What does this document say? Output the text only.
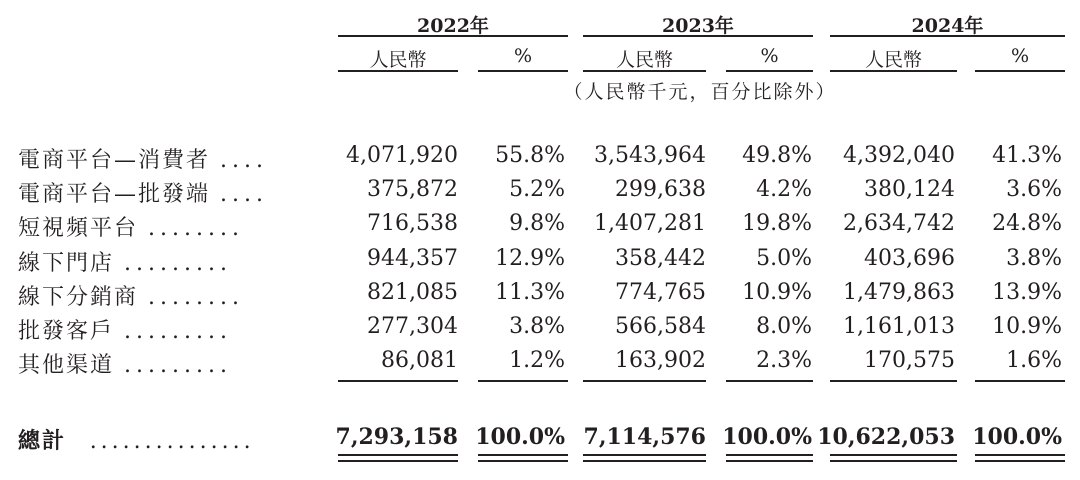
2022年	2023年	2024年
人民幣	%	人民幣	%	人民幣	%
（人民幣千元，百分比除外）
電商平台—消費者 ....	4,071,920 55.8% 3,543,964 49.8% 4,392,040 41.3%
電商平台—批發端 ....	375,872 5.2% 299,638 4.2% 380,124 3.6%
短視頻平台 ........	716,538 9.8% 1,407,281 19.8% 2,634,742 24.8%
線下門店 .........	944,357 12.9% 358,442 5.0% 403,696 3.8%
線下分銷商 ........	821,085 11.3% 774,765 10.9% 1,479,863 13.9%
批發客戶 .........	277,304 3.8% 566,584 8.0% 1,161,013 10.9%
其他渠道 .........	86,081 1.2% 163,902 2.3% 170,575 1.6%
總計 ...............	7,293,158 100.0% 7,114,576 100.0% 10,622,053 100.0%
